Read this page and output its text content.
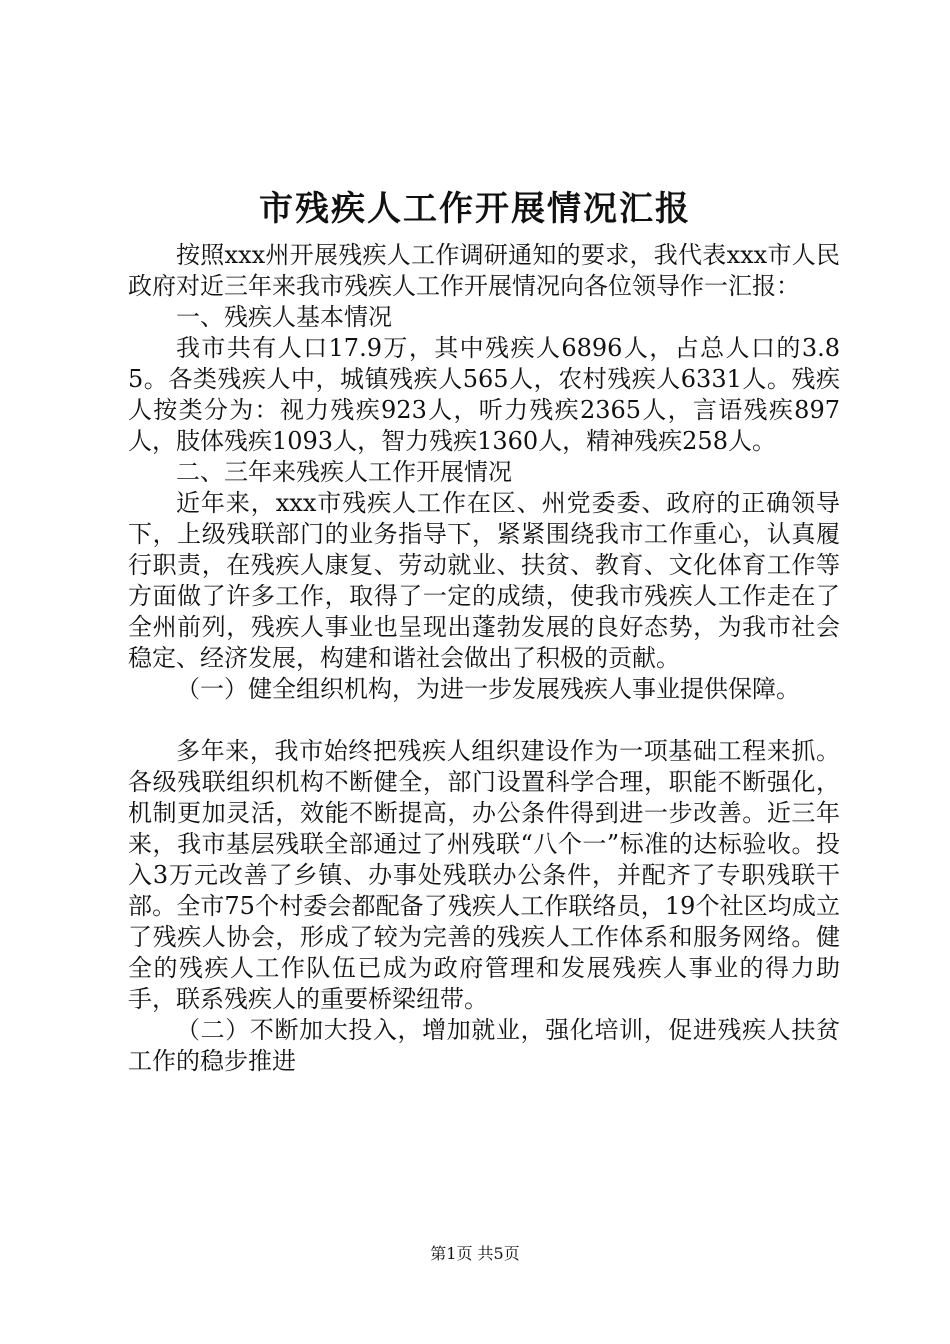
市残疾人工作开展情况汇报

按照xxx州开展残疾人工作调研通知的要求，我代表xxx市人民政府对近三年来我市残疾人工作开展情况向各位领导作一汇报：

一、残疾人基本情况

我市共有人口17.9万，其中残疾人6896人，占总人口的3.85。各类残疾人中，城镇残疾人565人，农村残疾人6331人。残疾人按类分为：视力残疾923人，听力残疾2365人，言语残疾897人，肢体残疾1093人，智力残疾1360人，精神残疾258人。

二、三年来残疾人工作开展情况

近年来，xxx市残疾人工作在区、州党委委、政府的正确领导下，上级残联部门的业务指导下，紧紧围绕我市工作重心，认真履行职责，在残疾人康复、劳动就业、扶贫、教育、文化体育工作等方面做了许多工作，取得了一定的成绩，使我市残疾人工作走在了全州前列，残疾人事业也呈现出蓬勃发展的良好态势，为我市社会稳定、经济发展，构建和谐社会做出了积极的贡献。

（一）健全组织机构，为进一步发展残疾人事业提供保障。

多年来，我市始终把残疾人组织建设作为一项基础工程来抓。各级残联组织机构不断健全，部门设置科学合理，职能不断强化，机制更加灵活，效能不断提高，办公条件得到进一步改善。近三年来，我市基层残联全部通过了州残联“八个一”标准的达标验收。投入3万元改善了乡镇、办事处残联办公条件，并配齐了专职残联干部。全市75个村委会都配备了残疾人工作联络员，19个社区均成立了残疾人协会，形成了较为完善的残疾人工作体系和服务网络。健全的残疾人工作队伍已成为政府管理和发展残疾人事业的得力助手，联系残疾人的重要桥梁纽带。

（二）不断加大投入，增加就业，强化培训，促进残疾人扶贫工作的稳步推进

第1页 共5页
